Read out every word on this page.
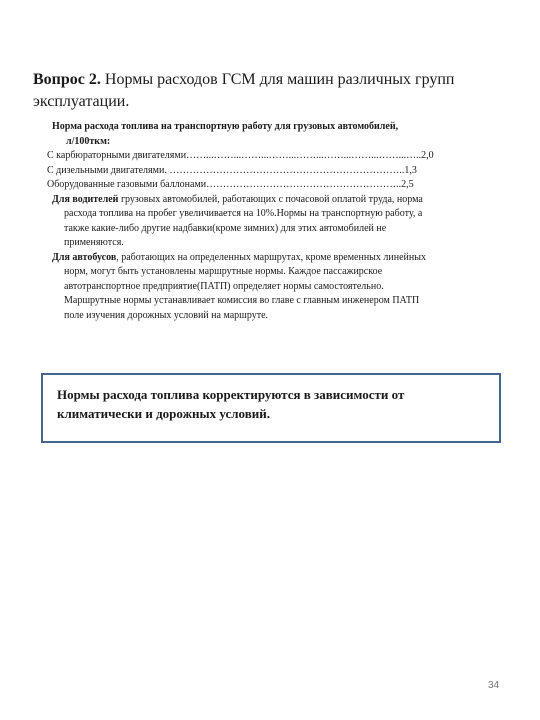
Вопрос 2. Нормы расходов ГСМ для машин различных групп эксплуатации.

Норма расхода топлива на транспортную работу для грузовых автомобилей,
л/100ткм:

С карбюраторными двигателями……...……...……...……...……...……...……...……...…..2,0

С дизельными двигателями. ……………………………………………………………..1,3

Оборудованные газовыми баллонами…………………………………………………..2,5

Для водителей грузовых автомобилей, работающих с почасовой оплатой труда, норма
расхода топлива на пробег увеличивается на 10%.Нормы на транспортную работу, а
также какие-либо другие надбавки(кроме зимних) для этих автомобилей не
применяются.

Для автобусов, работающих на определенных маршрутах, кроме временных линейных
норм, могут быть установлены маршрутные нормы. Каждое пассажирское
автотранспортное предприятие(ПАТП) определяет нормы самостоятельно.
Маршрутные нормы устанавливает комиссия во главе с главным инженером ПАТП
поле изучения дорожных условий на маршруте.

Нормы расхода топлива корректируются в зависимости от климатически и дорожных условий.
34
